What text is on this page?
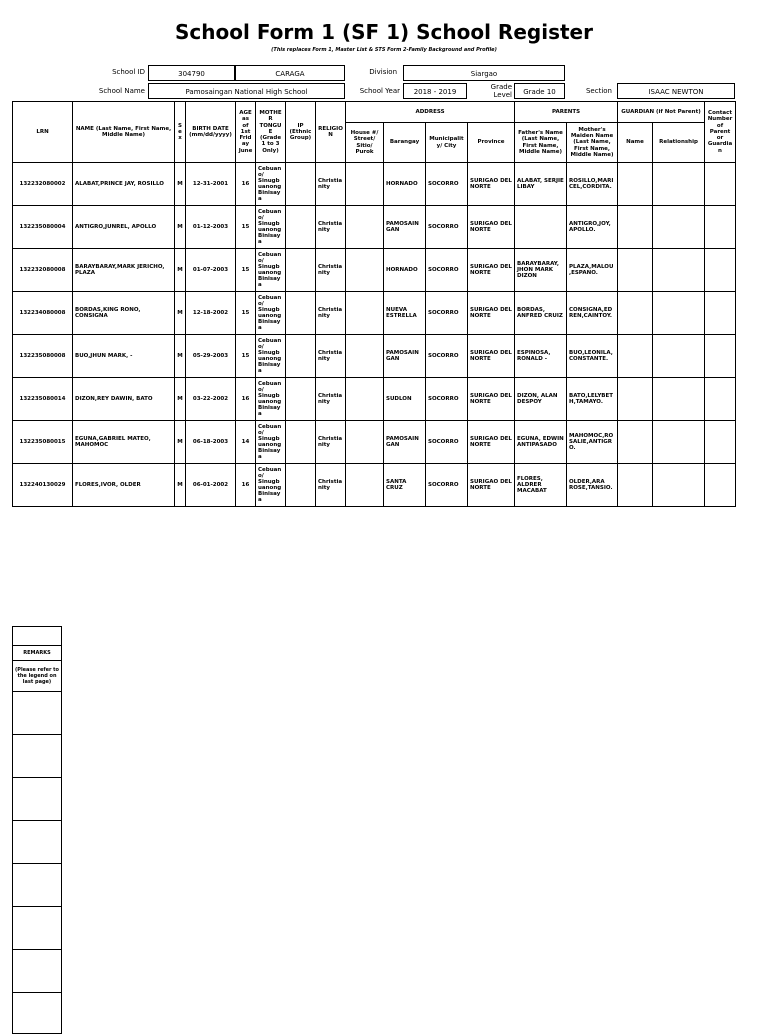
School Form 1 (SF 1) School Register
(This replaces Form 1, Master List & STS Form 2-Family Background and Profile)
School ID	304790	CARAGA	Division	Siargao
School Name	Pamosaingan National High School	School Year	2018 - 2019
Grade Level	Grade 10	Section	ISAAC NEWTON
LRN	NAME (Last Name, First Name, Middle Name)	Sex	BIRTH DATE (mm/dd/yyyy)	AGE as of 1st Friday June	MOTHER TONGUE (Grade 1 to 3 Only)	IP (Ethnic Group)	RELIGION	ADDRESS				PARENTS		GUARDIAN (if Not Parent)		Contact Number of Parent or Guardian
								House #/ Street/ Sitio/ Purok	Barangay	Municipality/ City	Province	Father's Name (Last Name, First Name, Middle Name)	Mother's Maiden Name (Last Name, First Name, Middle Name)	Name	Relationship	
132232080002	ALABAT,PRINCE JAY, ROSILLO	M	12-31-2001	16	Cebuano/ Sinugbuanong Binisaya		Christianity		HORNADO	SOCORRO	SURIGAO DEL NORTE	ALABAT, SERJIE LIBAY	ROSILLO,MARICEL,CORDITA.			
132235080004	ANTIGRO,JUNREL, APOLLO	M	01-12-2003	15	Cebuano/ Sinugbuanong Binisaya		Christianity		PAMOSAINGAN	SOCORRO	SURIGAO DEL NORTE		ANTIGRO,JOY, APOLLO.			
132232080008	BARAYBARAY,MARK JERICHO, PLAZA	M	01-07-2003	15	Cebuano/ Sinugbuanong Binisaya		Christianity		HORNADO	SOCORRO	SURIGAO DEL NORTE	BARAYBARAY, JHON MARK DIZON	PLAZA,MALOU ,ESPANO.			
132234080008	BORDAS,KING RONO, CONSIGNA	M	12-18-2002	15	Cebuano/ Sinugbuanong Binisaya		Christianity		NUEVA ESTRELLA	SOCORRO	SURIGAO DEL NORTE	BORDAS, ANFRED CRUIZ	CONSIGNA,EDREN,CAINTOY.			
132235080008	BUO,JHUN MARK, -	M	05-29-2003	15	Cebuano/ Sinugbuanong Binisaya		Christianity		PAMOSAINGAN	SOCORRO	SURIGAO DEL NORTE	ESPINOSA, RONALD -	BUO,LEONILA, CONSTANTE.			
132235080014	DIZON,REY DAWIN, BATO	M	03-22-2002	16	Cebuano/ Sinugbuanong Binisaya		Christianity		SUDLON	SOCORRO	SURIGAO DEL NORTE	DIZON, ALAN DESPOY	BATO,LELYBETH,TAMAYO.			
132235080015	EGUNA,GABRIEL MATEO, MAHOMOC	M	06-18-2003	14	Cebuano/ Sinugbuanong Binisaya		Christianity		PAMOSAINGAN	SOCORRO	SURIGAO DEL NORTE	EGUNA, EDWIN ANTIPASADO	MAHOMOC,ROSALIE,ANTIGRO.			
132240130029	FLORES,IVOR, OLDER	M	06-01-2002	16	Cebuano/ Sinugbuanong Binisaya		Christianity		SANTA CRUZ	SOCORRO	SURIGAO DEL NORTE	FLORES, ALDRER MACABAT	OLDER,ARA ROSE,TANSIO.			

REMARKS
(Please refer to the legend on last page)
